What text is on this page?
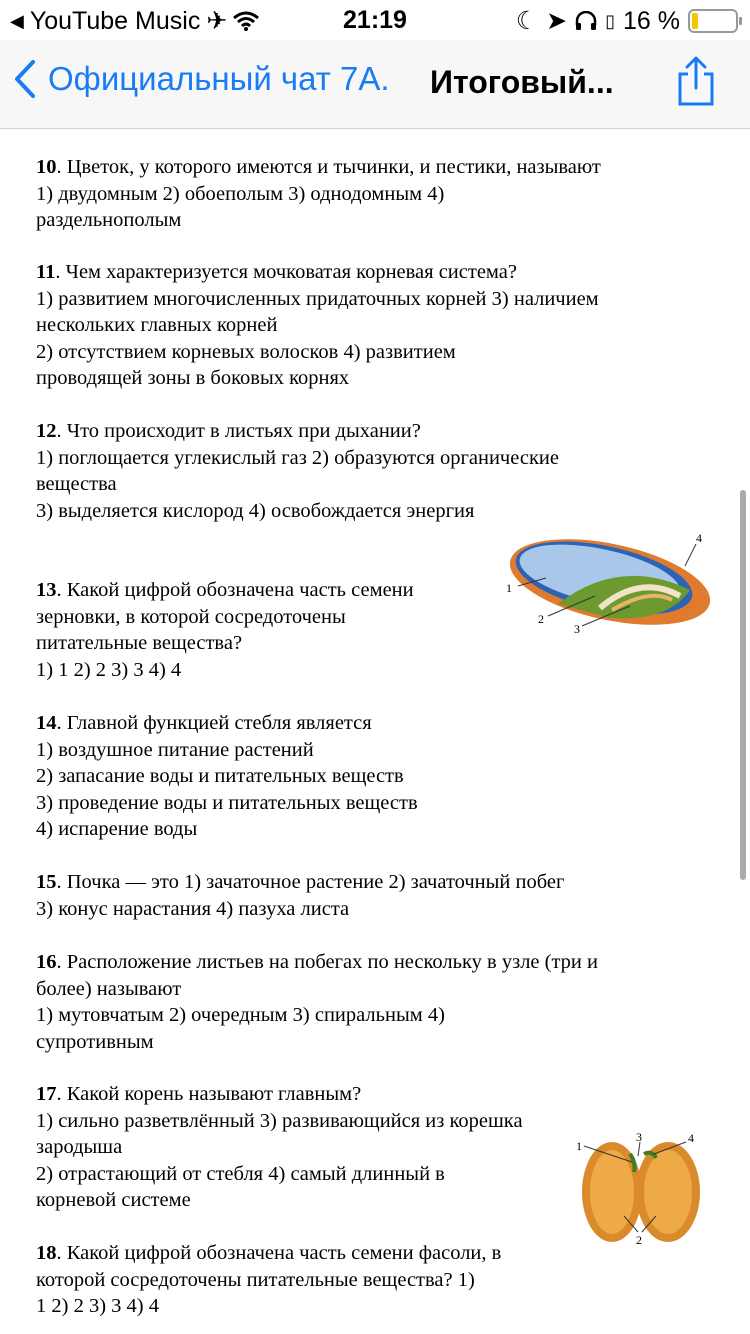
◀ YouTube Music ✈	21:19	☾ ➤ ▯ 16 %
Официальный чат 7А. Итоговый...
10. Цветок, у которого имеются и тычинки, и пестики, называют
1) двудомным 2) обоеполым 3) однодомным 4)
раздельнополым
11. Чем характеризуется мочковатая корневая система?
1) развитием многочисленных придаточных корней 3) наличием
нескольких главных корней
2) отсутствием корневых волосков 4) развитием
проводящей зоны в боковых корнях
12. Что происходит в листьях при дыхании?
1) поглощается углекислый газ 2) образуются органические
вещества
3) выделяется кислород 4) освобождается энергия
1
2
3
4
13. Какой цифрой обозначена часть семени
зерновки, в которой сосредоточены
питательные вещества?
1) 1 2) 2 3) 3 4) 4
14. Главной функцией стебля является
1) воздушное питание растений
2) запасание воды и питательных веществ
3) проведение воды и питательных веществ
4) испарение воды
15. Почка — это 1) зачаточное растение 2) зачаточный побег
3) конус нарастания 4) пазуха листа
16. Расположение листьев на побегах по нескольку в узле (три и
более) называют
1) мутовчатым 2) очередным 3) спиральным 4)
супротивным
17. Какой корень называют главным?
1) сильно разветвлённый 3) развивающийся из корешка
зародыша
2) отрастающий от стебля 4) самый длинный в
корневой системе
1
2
3	4
18. Какой цифрой обозначена часть семени фасоли, в
которой сосредоточены питательные вещества? 1)
1 2) 2 3) 3 4) 4
